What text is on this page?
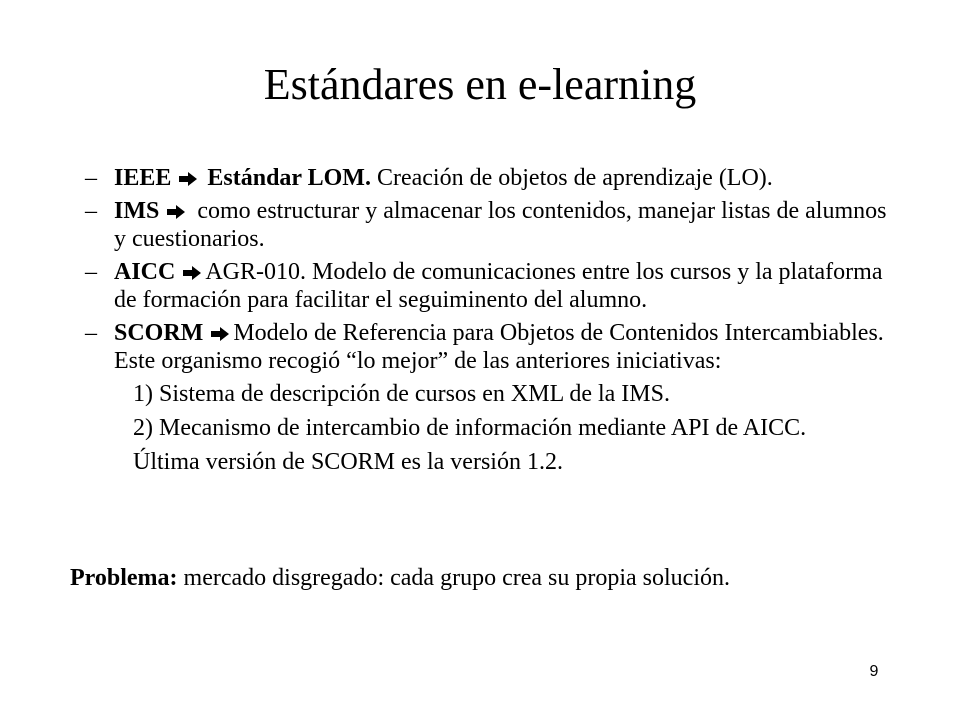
Estándares en e-learning
– IEEE Estándar LOM. Creación de objetos de aprendizaje (LO).
– IMS como estructurar y almacenar los contenidos, manejar listas de alumnos y cuestionarios.
– AICC AGR-010. Modelo de comunicaciones entre los cursos y la plataforma de formación para facilitar el seguiminento del alumno.
– SCORM Modelo de Referencia para Objetos de Contenidos Intercambiables. Este organismo recogió “lo mejor” de las anteriores iniciativas:
1) Sistema de descripción de cursos en XML de la IMS.
2) Mecanismo de intercambio de información mediante API de AICC.
Última versión de SCORM es la versión 1.2.
Problema: mercado disgregado: cada grupo crea su propia solución.
9
